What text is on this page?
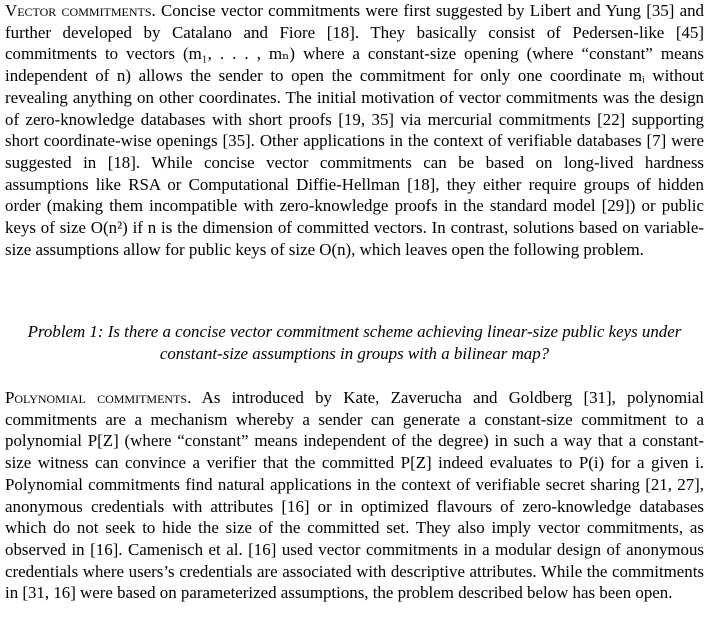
Vector commitments. Concise vector commitments were first suggested by Libert and Yung [35] and further developed by Catalano and Fiore [18]. They basically consist of Pedersen-like [45] commitments to vectors (m₁, . . . , mₙ) where a constant-size opening (where “constant” means independent of n) allows the sender to open the commitment for only one coordinate mᵢ without revealing anything on other coordinates. The initial motivation of vector commitments was the design of zero-knowledge databases with short proofs [19, 35] via mercurial commitments [22] supporting short coordinate-wise openings [35]. Other applications in the context of verifiable databases [7] were suggested in [18]. While concise vector commitments can be based on long-lived hardness assumptions like RSA or Computational Diffie-Hellman [18], they either require groups of hidden order (making them incompatible with zero-knowledge proofs in the standard model [29]) or public keys of size O(n²) if n is the dimension of committed vectors. In contrast, solutions based on variable-size assumptions allow for public keys of size O(n), which leaves open the following problem.

Problem 1: Is there a concise vector commitment scheme achieving linear-size public keys under constant-size assumptions in groups with a bilinear map?

Polynomial commitments. As introduced by Kate, Zaverucha and Goldberg [31], polynomial commitments are a mechanism whereby a sender can generate a constant-size commitment to a polynomial P[Z] (where “constant” means independent of the degree) in such a way that a constant-size witness can convince a verifier that the committed P[Z] indeed evaluates to P(i) for a given i. Polynomial commitments find natural applications in the context of verifiable secret sharing [21, 27], anonymous credentials with attributes [16] or in optimized flavours of zero-knowledge databases which do not seek to hide the size of the committed set. They also imply vector commitments, as observed in [16]. Camenisch et al. [16] used vector commitments in a modular design of anonymous credentials where users’s credentials are associated with descriptive attributes. While the commitments in [31, 16] were based on parameterized assumptions, the problem described below has been open.
